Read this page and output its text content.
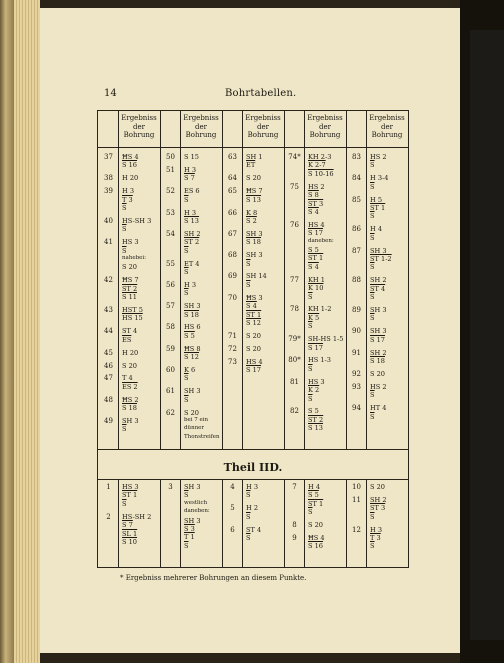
14	Bohrtabellen.
Theil IID.
Ergebniss
der
Bohrung
Ergebniss
der
Bohrung
Ergebniss
der
Bohrung
Ergebniss
der
Bohrung
Ergebniss
der
Bohrung
37	ĦS 4
S 16
38	H 20
39	H 3
T 3
$\overline{S}$
40	HS-SH 3
$\overline{S}$
41	HS 3
$\overline{S}$
nahebei:
S 20
42	ĦS 7
ST 2
S 11
43	HST 5
HS 15
44	ST 4
$\overline{ES}$
45	H 20
46	S 20
47	T 4
ES 2
48	ĦS 2
S 18
49	SH 3
$\overline{S}$
50	S 15
51	H 3
S 7
52	ES 6
$\overline{S}$
53	H 3
S 13
54	SH 2
ST 2
$\overline{S}$
55	ET 4
$\overline{S}$
56	H 3
$\overline{S}$
57	SH 3
S 18
58	HS 6
S 5
59	ĦS 8
S 12
60	K 6
$\overline{S}$
61	SH 3
$\overline{S}$
62	S 20
bei 7 ein
dünner
Thonstreifen
63	SH 1
$\overline{ET}$
64	S 20
65	ĦS 7
S 13
66	K 8
S 2
67	SH 3
S 18
68	SH 3
$\overline{S}$
69	SH 14
$\overline{S}$
70	ĦS 3
S 4
ST 1
S 12
71	S 20
72	S 20
73	HS 4
S 17
74*	KH 2-3
K 2-7
S 10-16
75	HS 2
S 8
ST 3
S 4
76	HS 4
S 17
daneben:
S 5
ST 1
S 4
77	KH 1
K 10
$\overline{S}$
78	KH 1-2
K 5
$\overline{S}$
79*	SH-HS 1-5
S 17
80*	HS 1-3
$\overline{S}$
81	HS 3
K 2
$\overline{S}$
82	S 5
ST 2
S 13
83	HS 2
$\overline{S}$
84	H 3-4
$\overline{S}$
85	H 5
ST 1
$\overline{S}$
86	H 4
$\overline{S}$
87	SH 3
ST 1-2
$\overline{S}$
88	SH 2
ST 4
$\overline{S}$
89	SH 3
$\overline{S}$
90	SH 3
S 17
91	SH 2
S 18
92	S 20
93	HS 2
$\overline{S}$
94	HT 4
$\overline{S}$
1	HS 3
ST 1
$\overline{S}$
2	HS-SH 2
S 7
SL 1
S 10
3	SH 3
$\overline{S}$
westlich
daneben:
SH 3
S 3
T 1
$\overline{S}$
4	H 3
$\overline{S}$
5	H 2
$\overline{S}$
6	ST 4
$\overline{S}$
7	H 4
S 5
ST 1
$\overline{S}$
8	S 20
9	ĦS 4
S 16
10	S 20
11	SH 2
ST 3
$\overline{S}$
12	H 3
T 3
$\overline{S}$
* Ergebniss mehrerer Bohrungen an diesem Punkte.
